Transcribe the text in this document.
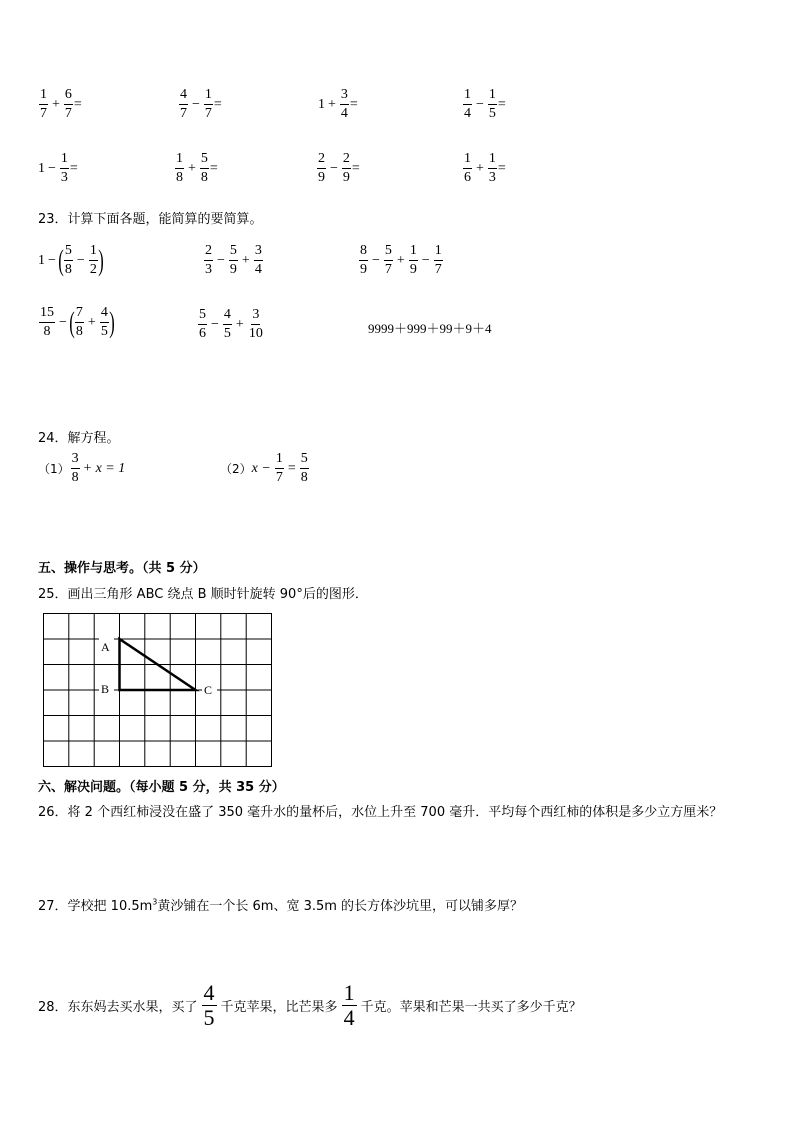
$\frac{1}{7} + \frac{6}{7}$ =	$\frac{4}{7} - \frac{1}{7}$ =	$1 + \frac{3}{4}$ =	$\frac{1}{4} - \frac{1}{5}$ =
$1 - \frac{1}{3}$ =	$\frac{1}{8} + \frac{5}{8}$ =	$\frac{2}{9} - \frac{2}{9}$ =	$\frac{1}{6} + \frac{1}{3}$ =
23．计算下面各题，能简算的要简算。
1 − ( $\frac{5}{8} - \frac{1}{2}$ )	$\frac{2}{3} - \frac{5}{9} + \frac{3}{4}$	$\frac{8}{9} - \frac{5}{7} + \frac{1}{9} - \frac{1}{7}$
$\frac{15}{8}$ − ( $\frac{7}{8} + \frac{4}{5}$ )	$\frac{5}{6} - \frac{4}{5} + \frac{3}{10}$	9999＋999＋99＋9＋4
24．解方程。
$(1) \frac{3}{8} + x = 1$	（2） $x - \frac{1}{7} = \frac{5}{8}$
五、操作与思考。（共 5 分）
25．画出三角形 ABC 绕点 B 顺时针旋转 90°后的图形．
A
B	C
六、解决问题。（每小题 5 分，共 35 分）
26．将 2 个西红柿浸没在盛了 350 毫升水的量杯后，水位上升至 700 毫升．平均每个西红柿的体积是多少立方厘米？
27．学校把 $10.5m^3$黄沙铺在一个长 6m、宽 3.5m 的长方体沙坑里，可以铺多厚？
28．东东妈去买水果，买了
4
5 千克苹果，比芒果多
1
4 千克。苹果和芒果一共买了多少千克？
